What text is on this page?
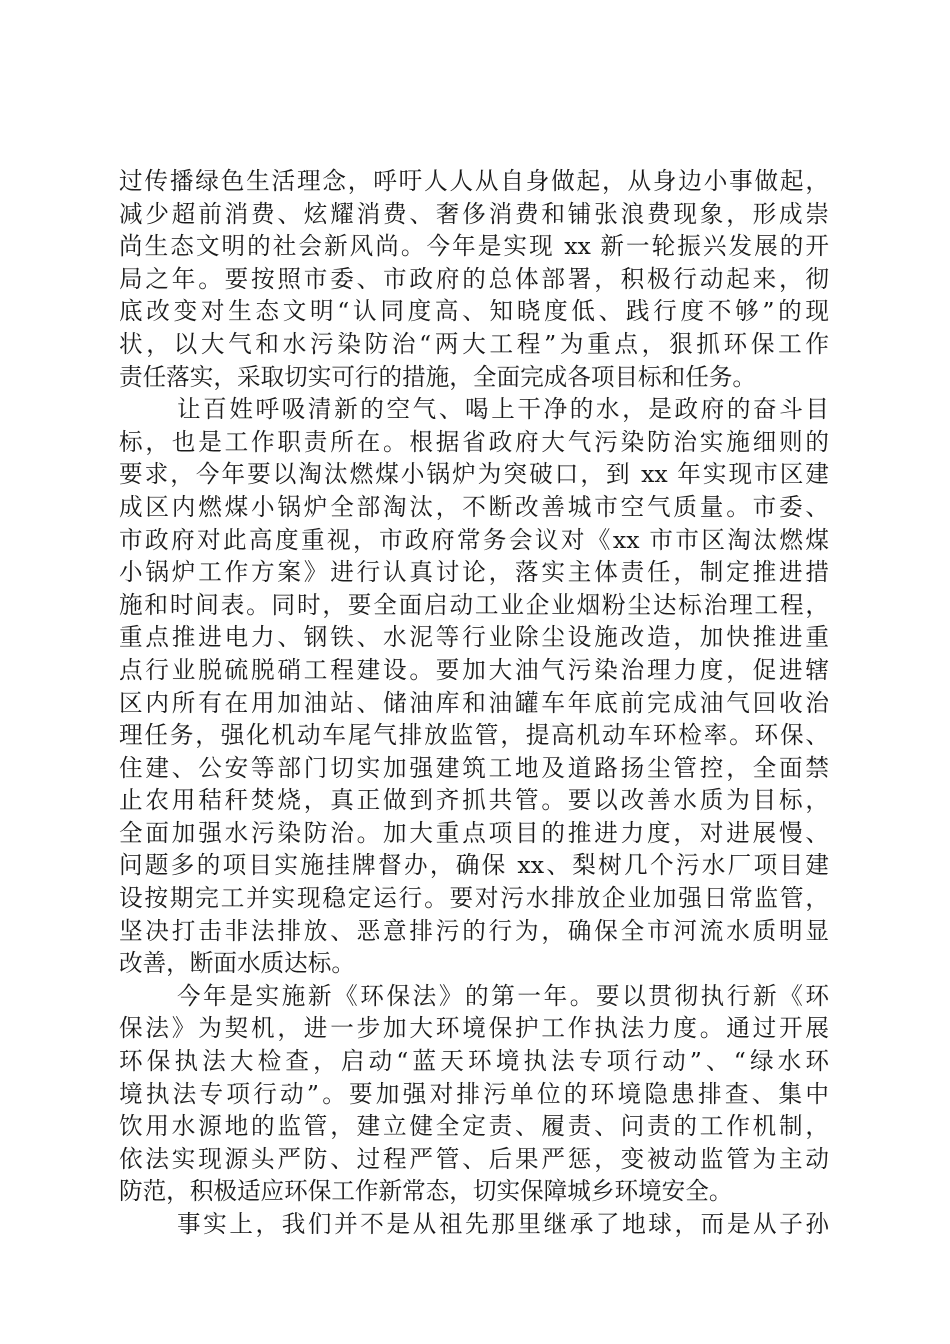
过传播绿色生活理念，呼吁人人从自身做起，从身边小事做起，
减少超前消费、炫耀消费、奢侈消费和铺张浪费现象，形成崇
尚生态文明的社会新风尚。今年是实现 xx 新一轮振兴发展的开
局之年。要按照市委、市政府的总体部署，积极行动起来，彻
底改变对生态文明“认同度高、知晓度低、践行度不够”的现
状，以大气和水污染防治“两大工程”为重点，狠抓环保工作
责任落实，采取切实可行的措施，全面完成各项目标和任务。
让百姓呼吸清新的空气、喝上干净的水，是政府的奋斗目
标，也是工作职责所在。根据省政府大气污染防治实施细则的
要求，今年要以淘汰燃煤小锅炉为突破口，到 xx 年实现市区建
成区内燃煤小锅炉全部淘汰，不断改善城市空气质量。市委、
市政府对此高度重视，市政府常务会议对《xx 市市区淘汰燃煤
小锅炉工作方案》进行认真讨论，落实主体责任，制定推进措
施和时间表。同时，要全面启动工业企业烟粉尘达标治理工程，
重点推进电力、钢铁、水泥等行业除尘设施改造，加快推进重
点行业脱硫脱硝工程建设。要加大油气污染治理力度，促进辖
区内所有在用加油站、储油库和油罐车年底前完成油气回收治
理任务，强化机动车尾气排放监管，提高机动车环检率。环保、
住建、公安等部门切实加强建筑工地及道路扬尘管控，全面禁
止农用秸秆焚烧，真正做到齐抓共管。要以改善水质为目标，
全面加强水污染防治。加大重点项目的推进力度，对进展慢、
问题多的项目实施挂牌督办，确保 xx、梨树几个污水厂项目建
设按期完工并实现稳定运行。要对污水排放企业加强日常监管，
坚决打击非法排放、恶意排污的行为，确保全市河流水质明显
改善，断面水质达标。
今年是实施新《环保法》的第一年。要以贯彻执行新《环
保法》为契机，进一步加大环境保护工作执法力度。通过开展
环保执法大检查，启动“蓝天环境执法专项行动”、“绿水环
境执法专项行动”。要加强对排污单位的环境隐患排查、集中
饮用水源地的监管，建立健全定责、履责、问责的工作机制，
依法实现源头严防、过程严管、后果严惩，变被动监管为主动
防范，积极适应环保工作新常态，切实保障城乡环境安全。
事实上，我们并不是从祖先那里继承了地球，而是从子孙
